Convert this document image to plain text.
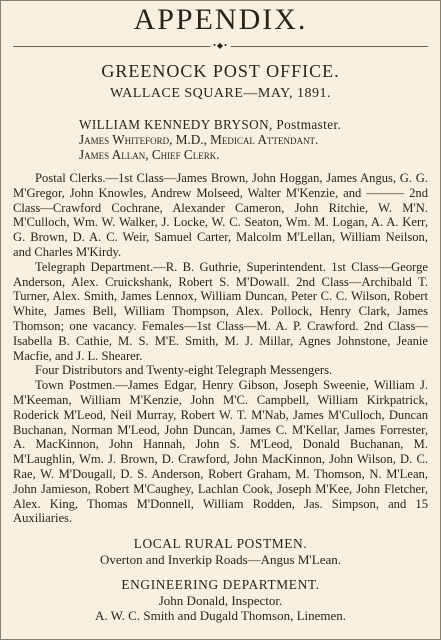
APPENDIX.
•◆•
GREENOCK POST OFFICE.
WALLACE SQUARE—MAY, 1891.
WILLIAM KENNEDY BRYSON, Postmaster.
James Whiteford, M.D., Medical Attendant.
James Allan, Chief Clerk.

Postal Clerks.—1st Class—James Brown, John Hoggan, James Angus, G. G. M'Gregor, John Knowles, Andrew Molseed, Walter M'Kenzie, and ——— 2nd Class—Crawford Cochrane, Alexander Cameron, John Ritchie, W. M'N. M'Culloch, Wm. W. Walker, J. Locke, W. C. Seaton, Wm. M. Logan, A. A. Kerr, G. Brown, D. A. C. Weir, Samuel Carter, Malcolm M'Lellan, William Neilson, and Charles M'Kirdy.

Telegraph Department.—R. B. Guthrie, Superintendent. 1st Class—George Anderson, Alex. Cruickshank, Robert S. M'Dowall. 2nd Class—Archibald T. Turner, Alex. Smith, James Lennox, William Duncan, Peter C. C. Wilson, Robert White, James Bell, William Thompson, Alex. Pollock, Henry Clark, James Thomson; one vacancy. Females—1st Class—M. A. P. Crawford. 2nd Class—Isabella B. Cathie, M. S. M'E. Smith, M. J. Millar, Agnes Johnstone, Jeanie Macfie, and J. L. Shearer.

Four Distributors and Twenty-eight Telegraph Messengers.

Town Postmen.—James Edgar, Henry Gibson, Joseph Sweenie, William J. M'Keeman, William M'Kenzie, John M'C. Campbell, William Kirkpatrick, Roderick M'Leod, Neil Murray, Robert W. T. M'Nab, James M'Culloch, Duncan Buchanan, Norman M'Leod, John Duncan, James C. M'Kellar, James Forrester, A. MacKinnon, John Hannah, John S. M'Leod, Donald Buchanan, M. M'Laughlin, Wm. J. Brown, D. Crawford, John MacKinnon, John Wilson, D. C. Rae, W. M'Dougall, D. S. Anderson, Robert Graham, M. Thomson, N. M'Lean, John Jamieson, Robert M'Caughey, Lachlan Cook, Joseph M'Kee, John Fletcher, Alex. King, Thomas M'Donnell, William Rodden, Jas. Simpson, and 15 Auxiliaries.

LOCAL RURAL POSTMEN.
Overton and Inverkip Roads—Angus M'Lean.
ENGINEERING DEPARTMENT.
John Donald, Inspector.
A. W. C. Smith and Dugald Thomson, Linemen.
